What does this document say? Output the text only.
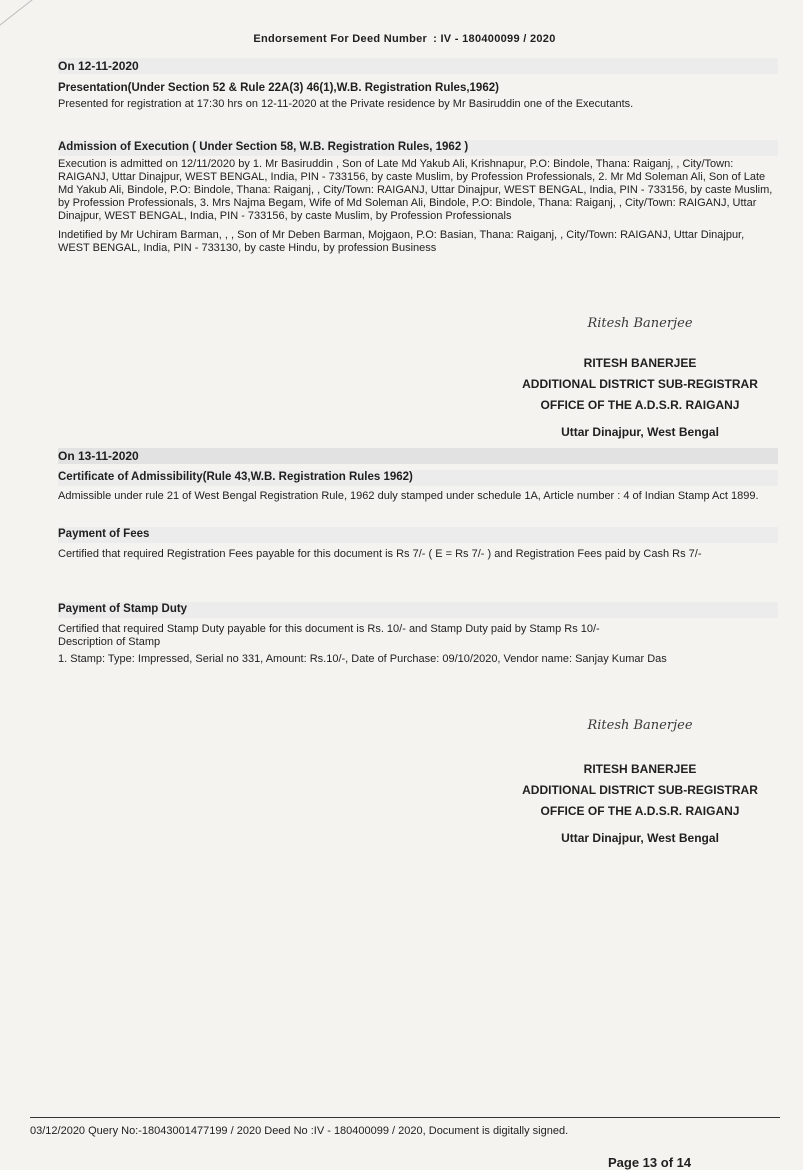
Endorsement For Deed Number : IV - 180400099 / 2020
On 12-11-2020
Presentation(Under Section 52 & Rule 22A(3) 46(1),W.B. Registration Rules,1962)
Presented for registration at 17:30 hrs on 12-11-2020 at the Private residence by Mr Basiruddin one of the Executants.
Admission of Execution ( Under Section 58, W.B. Registration Rules, 1962 )
Execution is admitted on 12/11/2020 by 1. Mr Basiruddin , Son of Late Md Yakub Ali, Krishnapur, P.O: Bindole, Thana: Raiganj, , City/Town: RAIGANJ, Uttar Dinajpur, WEST BENGAL, India, PIN - 733156, by caste Muslim, by Profession Professionals, 2. Mr Md Soleman Ali, Son of Late Md Yakub Ali, Bindole, P.O: Bindole, Thana: Raiganj, , City/Town: RAIGANJ, Uttar Dinajpur, WEST BENGAL, India, PIN - 733156, by caste Muslim, by Profession Professionals, 3. Mrs Najma Begam, Wife of Md Soleman Ali, Bindole, P.O: Bindole, Thana: Raiganj, , City/Town: RAIGANJ, Uttar Dinajpur, WEST BENGAL, India, PIN - 733156, by caste Muslim, by Profession Professionals
Indetified by Mr Uchiram Barman, , , Son of Mr Deben Barman, Mojgaon, P.O: Basian, Thana: Raiganj, , City/Town: RAIGANJ, Uttar Dinajpur, WEST BENGAL, India, PIN - 733130, by caste Hindu, by profession Business
Ritesh Banerjee
RITESH BANERJEE
ADDITIONAL DISTRICT SUB-REGISTRAR
OFFICE OF THE A.D.S.R. RAIGANJ
Uttar Dinajpur, West Bengal
On 13-11-2020
Certificate of Admissibility(Rule 43,W.B. Registration Rules 1962)
Admissible under rule 21 of West Bengal Registration Rule, 1962 duly stamped under schedule 1A, Article number : 4 of Indian Stamp Act 1899.
Payment of Fees
Certified that required Registration Fees payable for this document is Rs 7/- ( E = Rs 7/- ) and Registration Fees paid by Cash Rs 7/-
Payment of Stamp Duty
Certified that required Stamp Duty payable for this document is Rs. 10/- and Stamp Duty paid by Stamp Rs 10/-
Description of Stamp
1. Stamp: Type: Impressed, Serial no 331, Amount: Rs.10/-, Date of Purchase: 09/10/2020, Vendor name: Sanjay Kumar Das
Ritesh Banerjee
RITESH BANERJEE
ADDITIONAL DISTRICT SUB-REGISTRAR
OFFICE OF THE A.D.S.R. RAIGANJ
Uttar Dinajpur, West Bengal
03/12/2020 Query No:-18043001477199 / 2020 Deed No :IV - 180400099 / 2020, Document is digitally signed.
Page 13 of 14
